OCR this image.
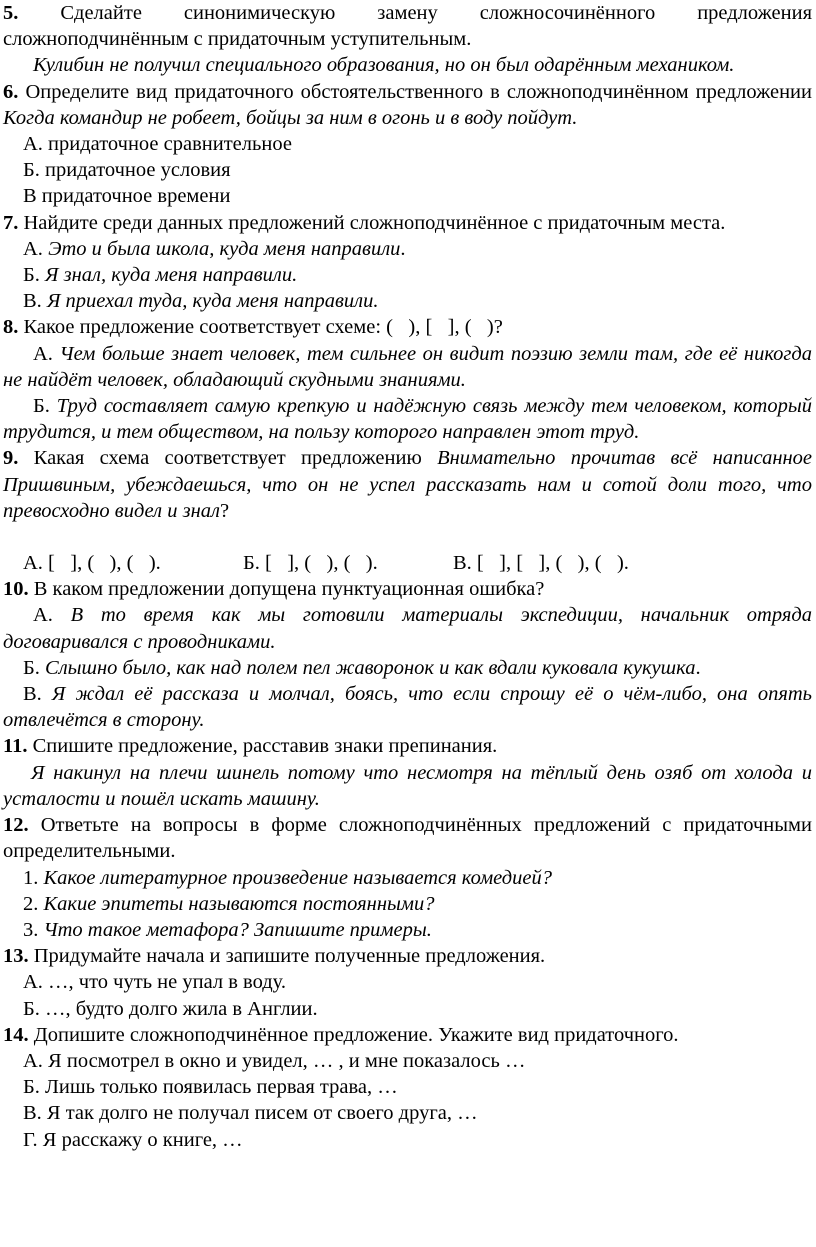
5. Сделайте синонимическую замену сложносочинённого предложения сложноподчинённым с придаточным уступительным.

Кулибин не получил специального образования, но он был одарённым механиком.

6. Определите вид придаточного обстоятельственного в сложноподчинённом предложении Когда командир не робеет, бойцы за ним в огонь и в воду пойдут.

А. придаточное сравнительное

Б. придаточное условия

В придаточное времени

7. Найдите среди данных предложений сложноподчинённое с придаточным места.

А. Это и была школа, куда меня направили.

Б. Я знал, куда меня направили.

В. Я приехал туда, куда меня направили.

8. Какое предложение соответствует схеме: (   ), [   ], (   )?

А. Чем больше знает человек, тем сильнее он видит поэзию земли там, где её никогда не найдёт человек, обладающий скудными знаниями.

Б. Труд составляет самую крепкую и надёжную связь между тем человеком, который трудится, и тем обществом, на пользу которого направлен этот труд.

9. Какая схема соответствует предложению Внимательно прочитав всё написанное Пришвиным, убеждаешься, что он не успел рассказать нам и сотой доли того, что превосходно видел и знал?

А. [   ], (   ), (   ).	Б. [   ], (   ), (   ).	В. [   ], [   ], (   ), (   ).

10. В каком предложении допущена пунктуационная ошибка?

А. В то время как мы готовили материалы экспедиции, начальник отряда договаривался с проводниками.

Б. Слышно было, как над полем пел жаворонок и как вдали куковала кукушка.

В. Я ждал её рассказа и молчал, боясь, что если спрошу её о чём-либо, она опять отвлечётся в сторону.

11. Спишите предложение, расставив знаки препинания.

Я накинул на плечи шинель потому что несмотря на тёплый день озяб от холода и усталости и пошёл искать машину.

12. Ответьте на вопросы в форме сложноподчинённых предложений с придаточными определительными.

1. Какое литературное произведение называется комедией?

2. Какие эпитеты называются постоянными?

3. Что такое метафора? Запишите примеры.

13. Придумайте начала и запишите полученные предложения.

А. …, что чуть не упал в воду.

Б. …, будто долго жила в Англии.

14. Допишите сложноподчинённое предложение. Укажите вид придаточного.

А. Я посмотрел в окно и увидел, … , и мне показалось …

Б. Лишь только появилась первая трава, …

В. Я так долго не получал писем от своего друга, …

Г. Я расскажу о книге, …
